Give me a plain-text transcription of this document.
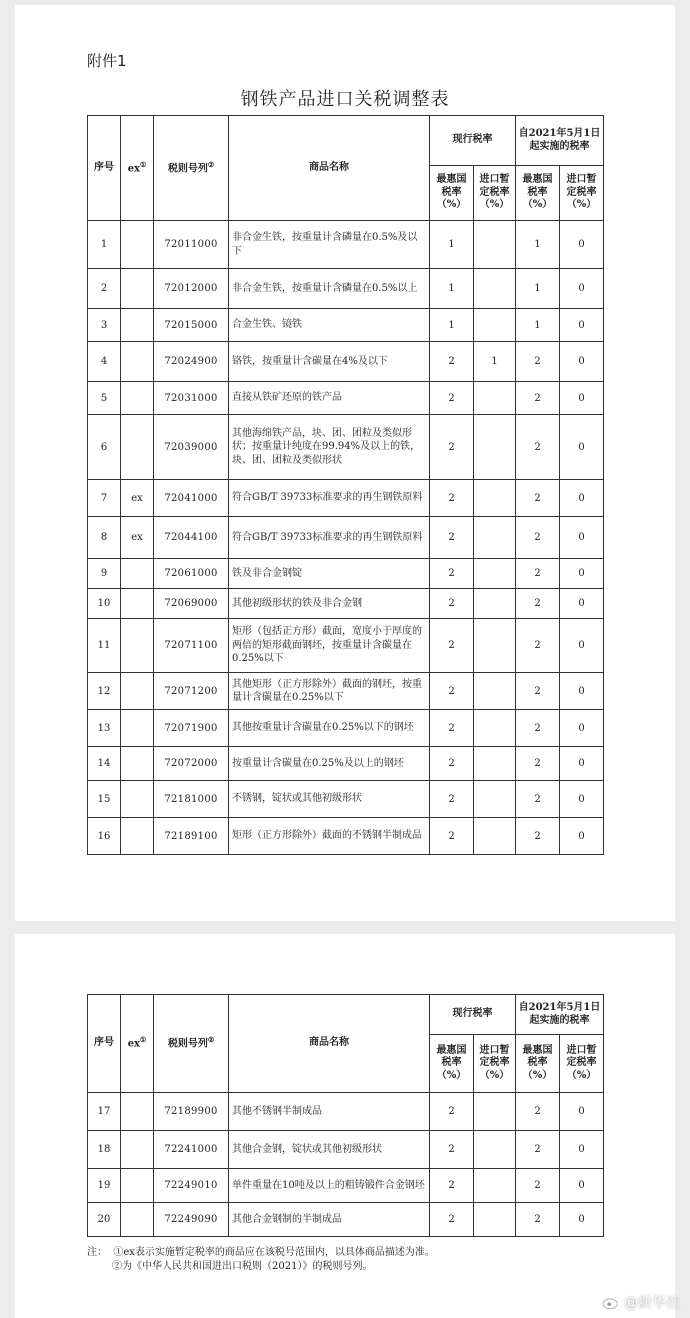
附件1
钢铁产品进口关税调整表
序号	ex①	税则号列②	商品名称	现行税率		自2021年5月1日起实施的税率	
				最惠国税率（%）	进口暂定税率（%）	最惠国税率（%）	进口暂定税率（%）
1		72011000	非合金生铁，按重量计含磷量在0.5%及以下	1		1	0
2		72012000	非合金生铁，按重量计含磷量在0.5%以上	1		1	0
3		72015000	合金生铁、镜铁	1		1	0
4		72024900	铬铁，按重量计含碳量在4%及以下	2	1	2	0
5		72031000	直接从铁矿还原的铁产品	2		2	0
6		72039000	其他海绵铁产品，块、团、团粒及类似形状；按重量计纯度在99.94%及以上的铁，块、团、团粒及类似形状	2		2	0
7	ex	72041000	符合GB/T 39733标准要求的再生钢铁原料	2		2	0
8	ex	72044100	符合GB/T 39733标准要求的再生钢铁原料	2		2	0
9		72061000	铁及非合金钢锭	2		2	0
10		72069000	其他初级形状的铁及非合金钢	2		2	0
11		72071100	矩形（包括正方形）截面，宽度小于厚度的两倍的矩形截面钢坯，按重量计含碳量在0.25%以下	2		2	0
12		72071200	其他矩形（正方形除外）截面的钢坯，按重量计含碳量在0.25%以下	2		2	0
13		72071900	其他按重量计含碳量在0.25%以下的钢坯	2		2	0
14		72072000	按重量计含碳量在0.25%及以上的钢坯	2		2	0
15		72181000	不锈钢，锭状或其他初级形状	2		2	0
16		72189100	矩形（正方形除外）截面的不锈钢半制成品	2		2	0
序号	ex①	税则号列②	商品名称	现行税率		自2021年5月1日起实施的税率	
				最惠国税率（%）	进口暂定税率（%）	最惠国税率（%）	进口暂定税率（%）
17		72189900	其他不锈钢半制成品	2		2	0
18		72241000	其他合金钢，锭状或其他初级形状	2		2	0
19		72249010	单件重量在10吨及以上的粗铸锻件合金钢坯	2		2	0
20		72249090	其他合金钢制的半制成品	2		2	0
注： ①ex表示实施暂定税率的商品应在该税号范围内，以具体商品描述为准。
②为《中华人民共和国进出口税则（2021）》的税则号列。
@新华社
